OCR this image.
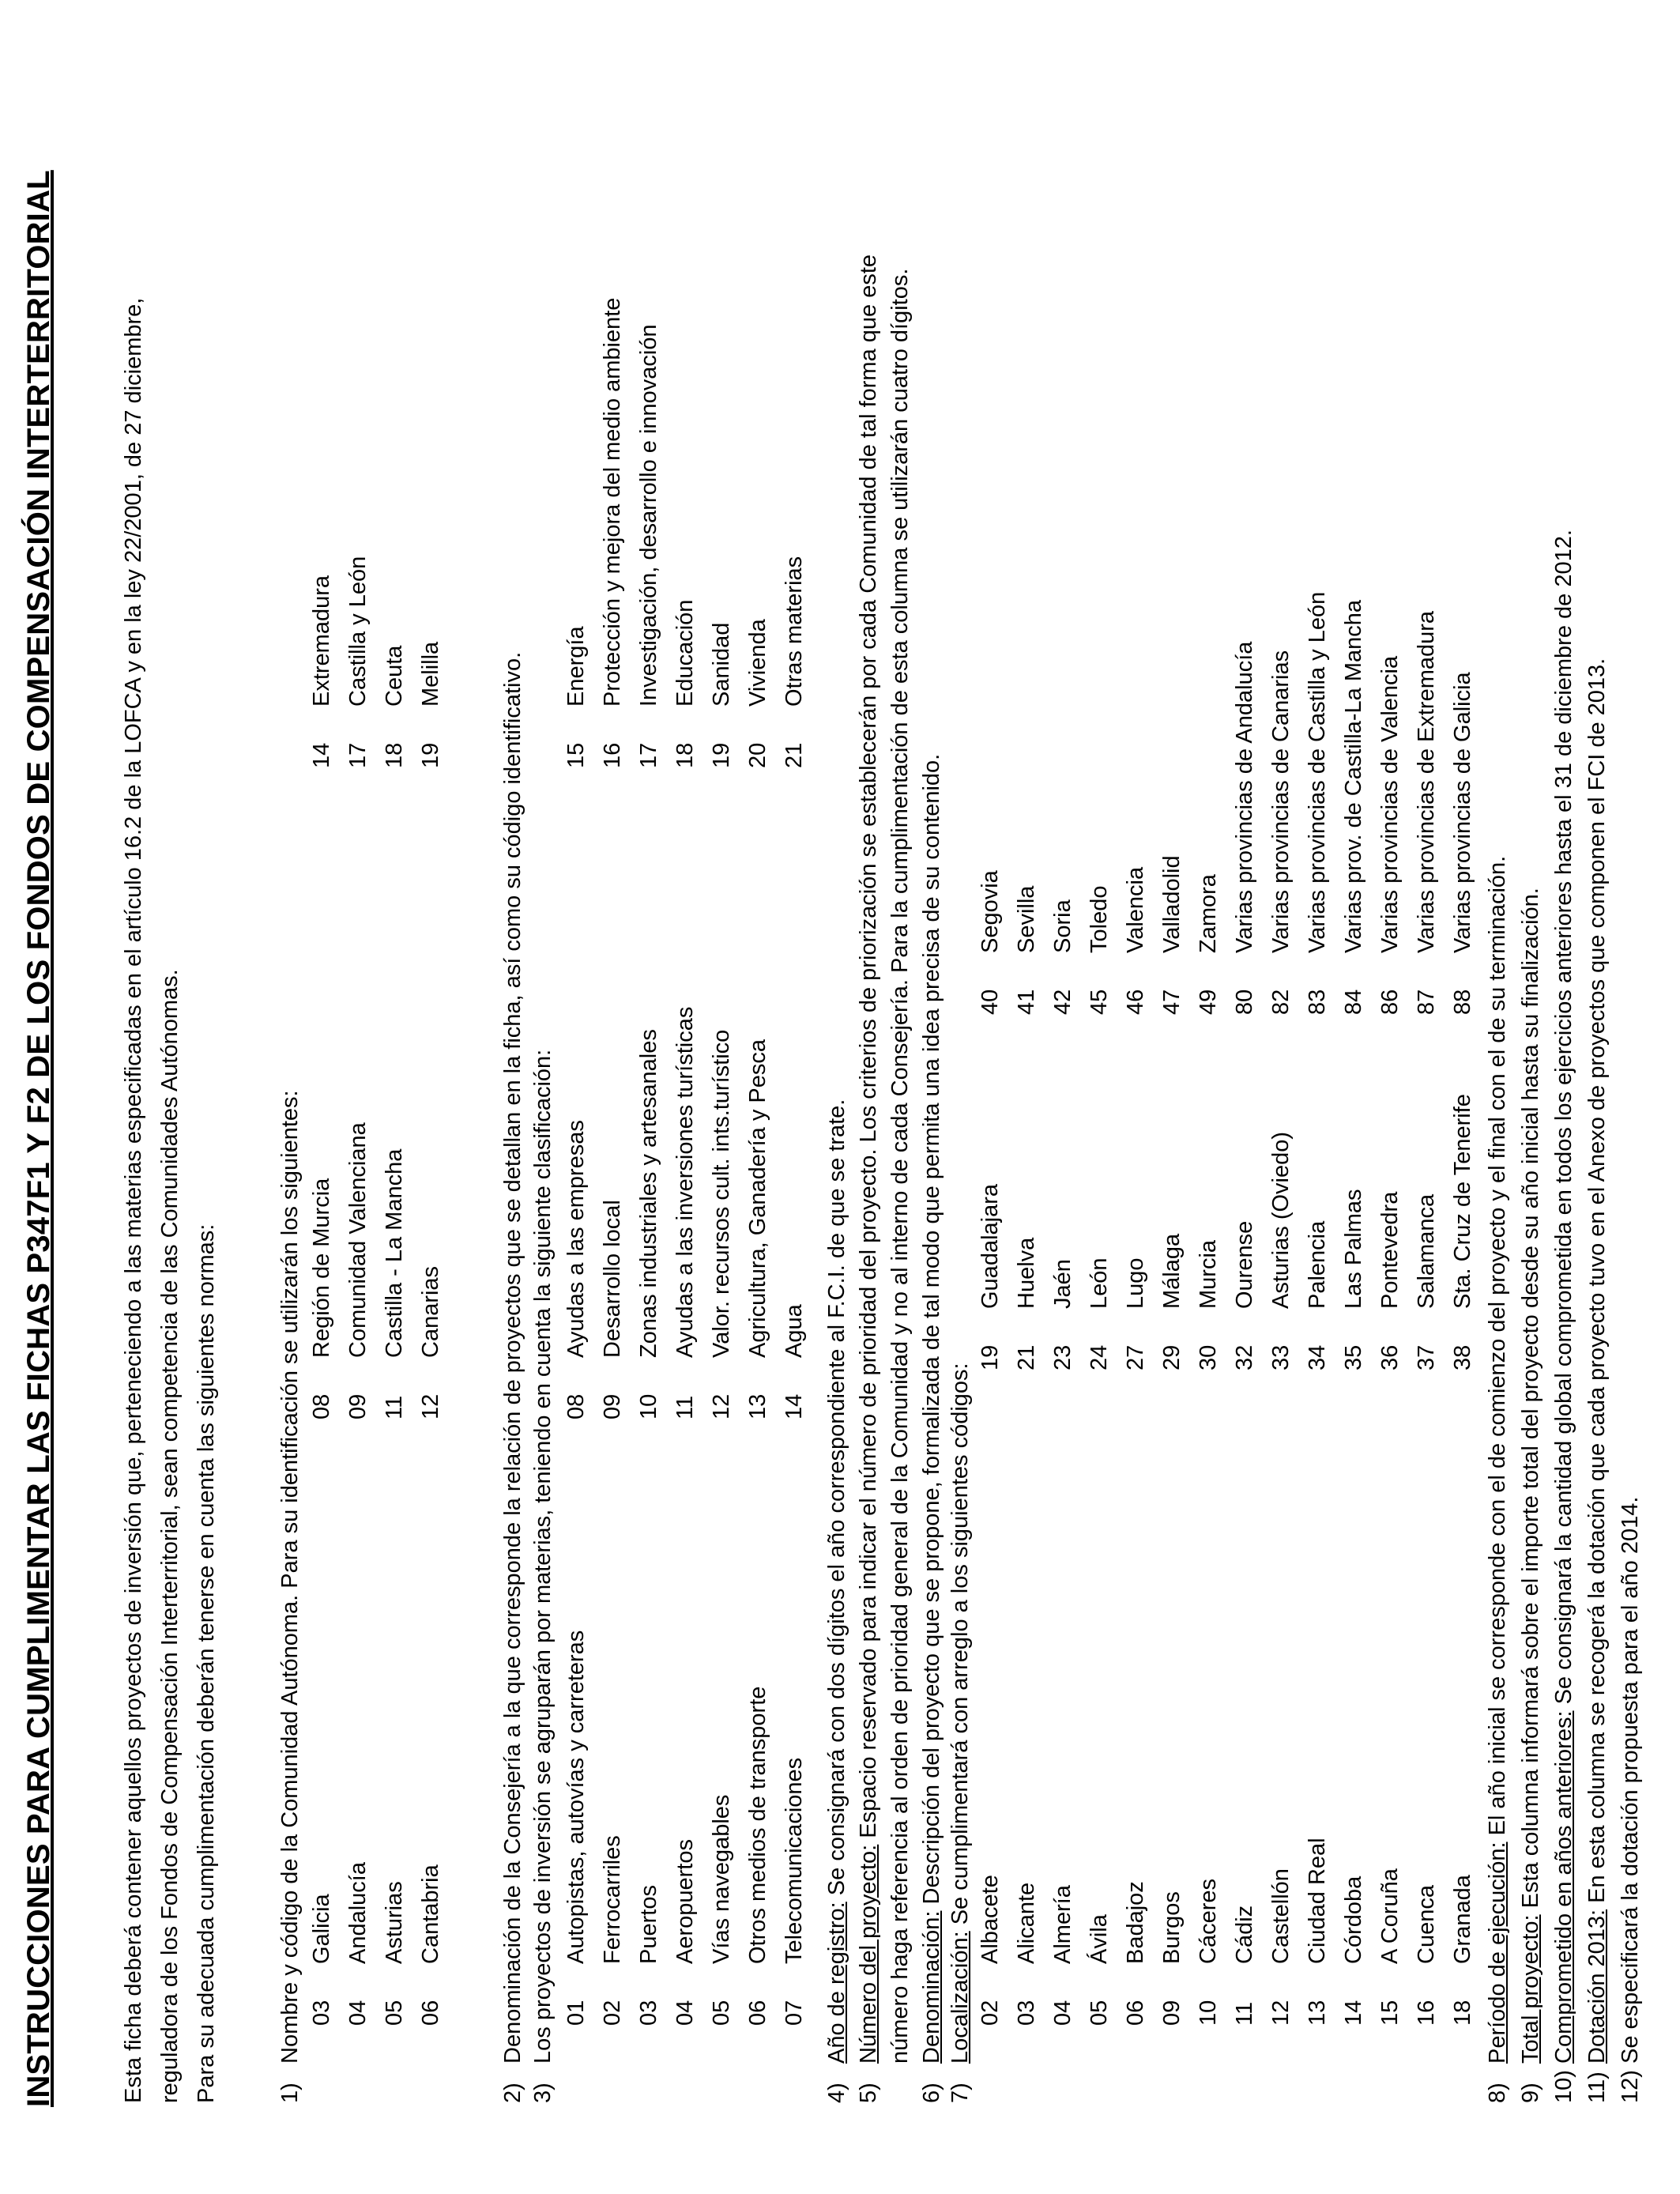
INSTRUCCIONES PARA CUMPLIMENTAR LAS FICHAS P347F1 Y F2 DE LOS FONDOS DE COMPENSACIÓN INTERTERRITORIAL	Esta ficha deberá contener aquellos proyectos de inversión que, perteneciendo a las materias especificadas en el artículo 16.2 de la LOFCA y en la ley 22/2001, de 27 diciembre, reguladora de los Fondos de Compensación Interterritorial, sean competencia de las Comunidades Autónomas. Para su adecuada cumplimentación deberán tenerse en cuenta las siguientes normas:	1)Nombre y código de la Comunidad Autónoma. Para su identificación se utilizarán los siguientes: 03Galicia
04Andalucía
05Asturias
06Cantabria
08Región de Murcia
09Comunidad Valenciana
11Castilla - La Mancha
12Canarias
14Extremadura
17Castilla y León
18Ceuta
19Melilla
2)Denominación de la Consejería a la que corresponde la relación de proyectos que se detallan en la ficha, así como su código identificativo.
3)Los proyectos de inversión se agruparán por materias, teniendo en cuenta la siguiente clasificación: 01Autopistas, autovías y carreteras
02Ferrocarriles
03Puertos
04Aeropuertos
05Vías navegables
06Otros medios de transporte
07Telecomunicaciones
08Ayudas a las empresas
09Desarrollo local
10Zonas industriales y artesanales
11Ayudas a las inversiones turísticas
12Valor. recursos cult. ints.turístico
13Agricultura, Ganadería y Pesca
14Agua
15Energía
16Protección y mejora del medio ambiente
17Investigación, desarrollo e innovación
18Educación
19Sanidad
20Vivienda
21Otras materias
4)Año de registro: Se consignará con dos dígitos el año correspondiente al F.C.I. de que se trate.
5)Número del proyecto: Espacio reservado para indicar el número de prioridad del proyecto. Los criterios de priorización se establecerán por cada Comunidad de tal forma que este número haga referencia al orden de prioridad general de la Comunidad y no al interno de cada Consejería. Para la cumplimentación de esta columna se utilizarán cuatro dígitos.
6)Denominación: Descripción del proyecto que se propone, formalizada de tal modo que permita una idea precisa de su contenido.
7)Localización: Se cumplimentará con arreglo a los siguientes códigos:
02Albacete
03Alicante
04Almería
05Ávila
06Badajoz
09Burgos
10Cáceres
11Cádiz
12Castellón
13Ciudad Real
14Córdoba
15A Coruña
16Cuenca
18Granada
19Guadalajara
21Huelva
23Jaén
24León
27Lugo
29Málaga
30Murcia
32Ourense
33Asturias (Oviedo)
34Palencia
35Las Palmas
36Pontevedra
37Salamanca
38Sta. Cruz de Tenerife
40Segovia
41Sevilla
42Soria
45Toledo
46Valencia
47Valladolid
49Zamora
80Varias provincias de Andalucía
82Varias provincias de Canarias
83Varias provincias de Castilla y León
84Varias prov. de Castilla-La Mancha
86Varias provincias de Valencia
87Varias provincias de Extremadura
88Varias provincias de Galicia
8)Período de ejecución: El año inicial se corresponde con el de comienzo del proyecto y el final con el de su terminación.
9)Total proyecto: Esta columna informará sobre el importe total del proyecto desde su año inicial hasta su finalización.
10)Comprometido en años anteriores: Se consignará la cantidad global comprometida en todos los ejercicios anteriores hasta el 31 de diciembre de 2012.
11)Dotación 2013: En esta columna se recogerá la dotación que cada proyecto tuvo en el Anexo de proyectos que componen el FCI de 2013.
12)Se especificará la dotación propuesta para el año 2014.
